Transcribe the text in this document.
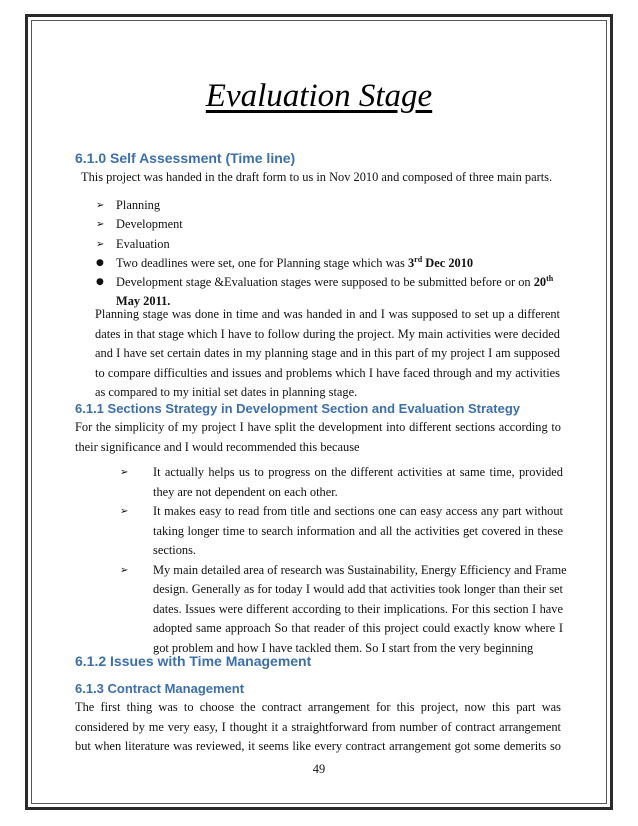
Evaluation Stage
6.1.0 Self Assessment (Time line)
This project was handed in the draft form to us in Nov 2010 and composed of three main parts.
➢ Planning
➢ Development
➢ Evaluation
● Two deadlines were set, one for Planning stage which was 3rd Dec 2010
● Development stage &Evaluation stages were supposed to be submitted before or on 20th
May 2011.
Planning stage was done in time and was handed in and I was supposed to set up a different
dates in that stage which I have to follow during the project. My main activities were decided
and I have set certain dates in my planning stage and in this part of my project I am supposed
to compare difficulties and issues and problems which I have faced through and my activities
as compared to my initial set dates in planning stage.
6.1.1 Sections Strategy in Development Section and Evaluation Strategy
For the simplicity of my project I have split the development into different sections according to
their significance and I would recommended this because
➢ It actually helps us to progress on the different activities at same time, provided
they are not dependent on each other.
➢ It makes easy to read from title and sections one can easy access any part without
taking longer time to search information and all the activities get covered in these
sections.
➢ My main detailed area of research was Sustainability, Energy Efficiency and Frame
design. Generally as for today I would add that activities took longer than their set
dates. Issues were different according to their implications. For this section I have
adopted same approach So that reader of this project could exactly know where I
got problem and how I have tackled them. So I start from the very beginning
6.1.2 Issues with Time Management
6.1.3 Contract Management
The first thing was to choose the contract arrangement for this project, now this part was
considered by me very easy, I thought it a straightforward from number of contract arrangement
but when literature was reviewed, it seems like every contract arrangement got some demerits so
49
